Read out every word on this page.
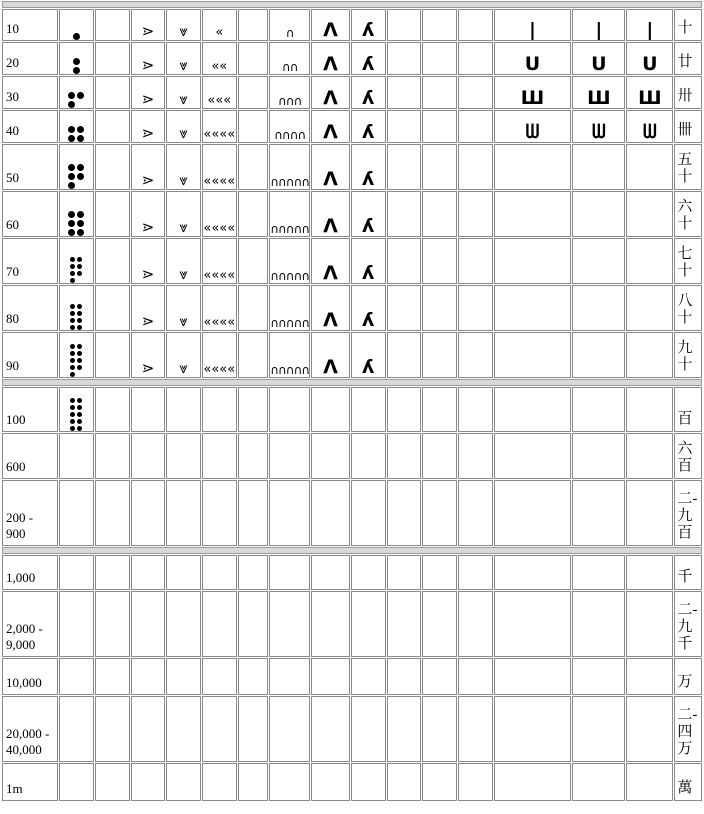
10			⋗	⩔	«		∩	Λ	ʎ				|	|	|	十
20			⋗	⩔	««		∩∩	Λ	ʎ				U	U	U	廿
30			⋗	⩔	«««		∩∩∩	Λ	ʎ				Ш	Ш	Ш	卅
40			⋗	⩔	««««		∩∩∩∩	Λ	ʎ				ᗯ	ᗯ	ᗯ	卌
50			⋗	⩔	««««		∩∩∩∩∩	Λ	ʎ							五十
60			⋗	⩔	««««		∩∩∩∩∩	Λ	ʎ							六十
70			⋗	⩔	««««		∩∩∩∩∩	Λ	ʎ							七十
80			⋗	⩔	««««		∩∩∩∩∩	Λ	ʎ							八十
90			⋗	⩔	««««		∩∩∩∩∩	Λ	ʎ							九十

100																百
600																六百
200 - 900																二-九百

1,000																千
2,000 - 9,000																二-九千
10,000																万
20,000 - 40,000																二-四万
1m																萬
